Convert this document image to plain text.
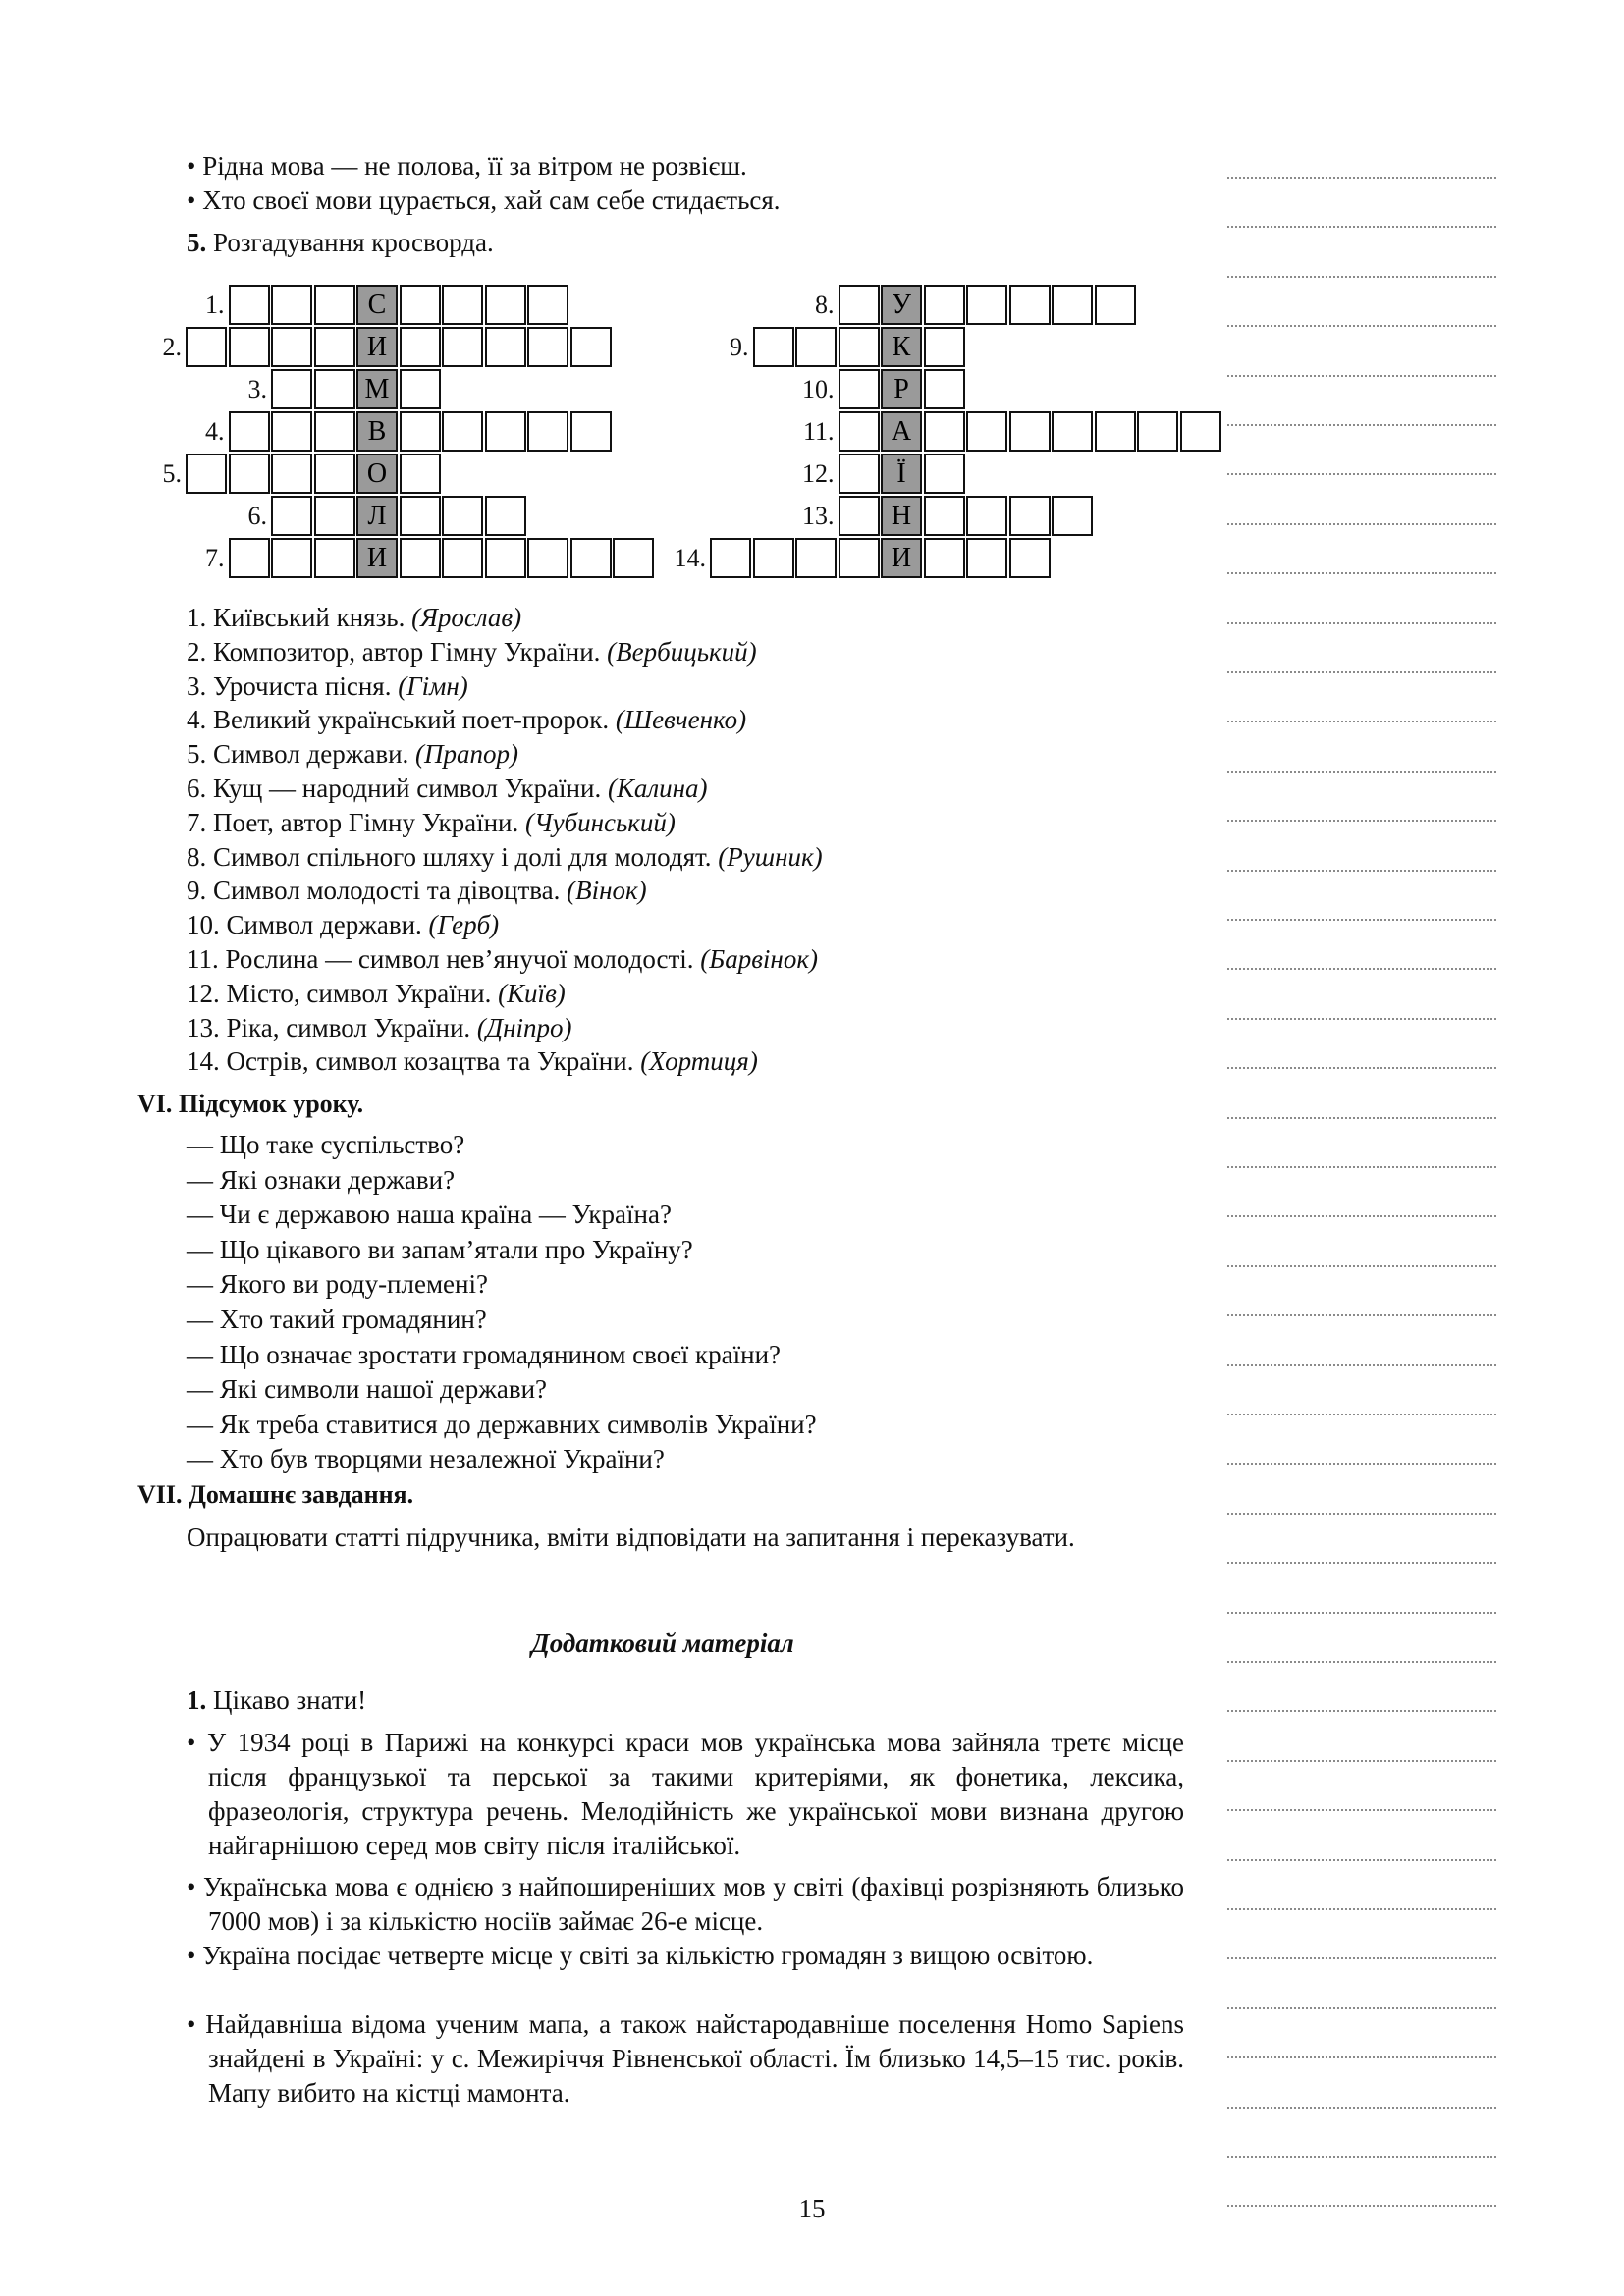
• Рідна мова — не полова, її за вітром не розвієш.
• Хто своєї мови цурається, хай сам себе стидається.
5. Розгадування кросворда.
С
1.
И
2.
М
3.
В
4.
О
5.
Л
6.
И
7.
У
8.
К
9.
Р
10.
А
11.
Ї
12.
Н
13.
И
14.
1. Київський князь. (Ярослав)
2. Композитор, автор Гімну України. (Вербицький)
3. Урочиста пісня. (Гімн)
4. Великий український поет-пророк. (Шевченко)
5. Символ держави. (Прапор)
6. Кущ — народний символ України. (Калина)
7. Поет, автор Гімну України. (Чубинський)
8. Символ спільного шляху і долі для молодят. (Рушник)
9. Символ молодості та дівоцтва. (Вінок)
10. Символ держави. (Герб)
11. Рослина — символ нев’янучої молодості. (Барвінок)
12. Місто, символ України. (Київ)
13. Ріка, символ України. (Дніпро)
14. Острів, символ козацтва та України. (Хортиця)
VI. Підсумок уроку.
— Що таке суспільство?
— Які ознаки держави?
— Чи є державою наша країна — Україна?
— Що цікавого ви запам’ятали про Україну?
— Якого ви роду-племені?
— Хто такий громадянин?
— Що означає зростати громадянином своєї країни?
— Які символи нашої держави?
— Як треба ставитися до державних символів України?
— Хто був творцями незалежної України?
VII. Домашнє завдання.
Опрацювати статті підручника, вміти відповідати на запитання і переказувати.
Додатковий матеріал
1. Цікаво знати!
• У 1934 році в Парижі на конкурсі краси мов українська мова зайняла третє місце після французької та перської за такими критеріями, як фонетика, лексика, фразеологія, структура речень. Мелодійність же української мови визнана другою найгарнішою серед мов світу після італійської.
• Українська мова є однією з найпоширеніших мов у світі (фахівці розрізняють близько 7000 мов) і за кількістю носіїв займає 26-е місце.
• Україна посідає четверте місце у світі за кількістю громадян з вищою освітою.
• Найдавніша відома ученим мапа, а також найстародавніше поселення Homo Sapiens знайдені в Україні: у с. Межиріччя Рівненської області. Їм близько 14,5–15 тис. років. Мапу вибито на кістці мамонта.
15
